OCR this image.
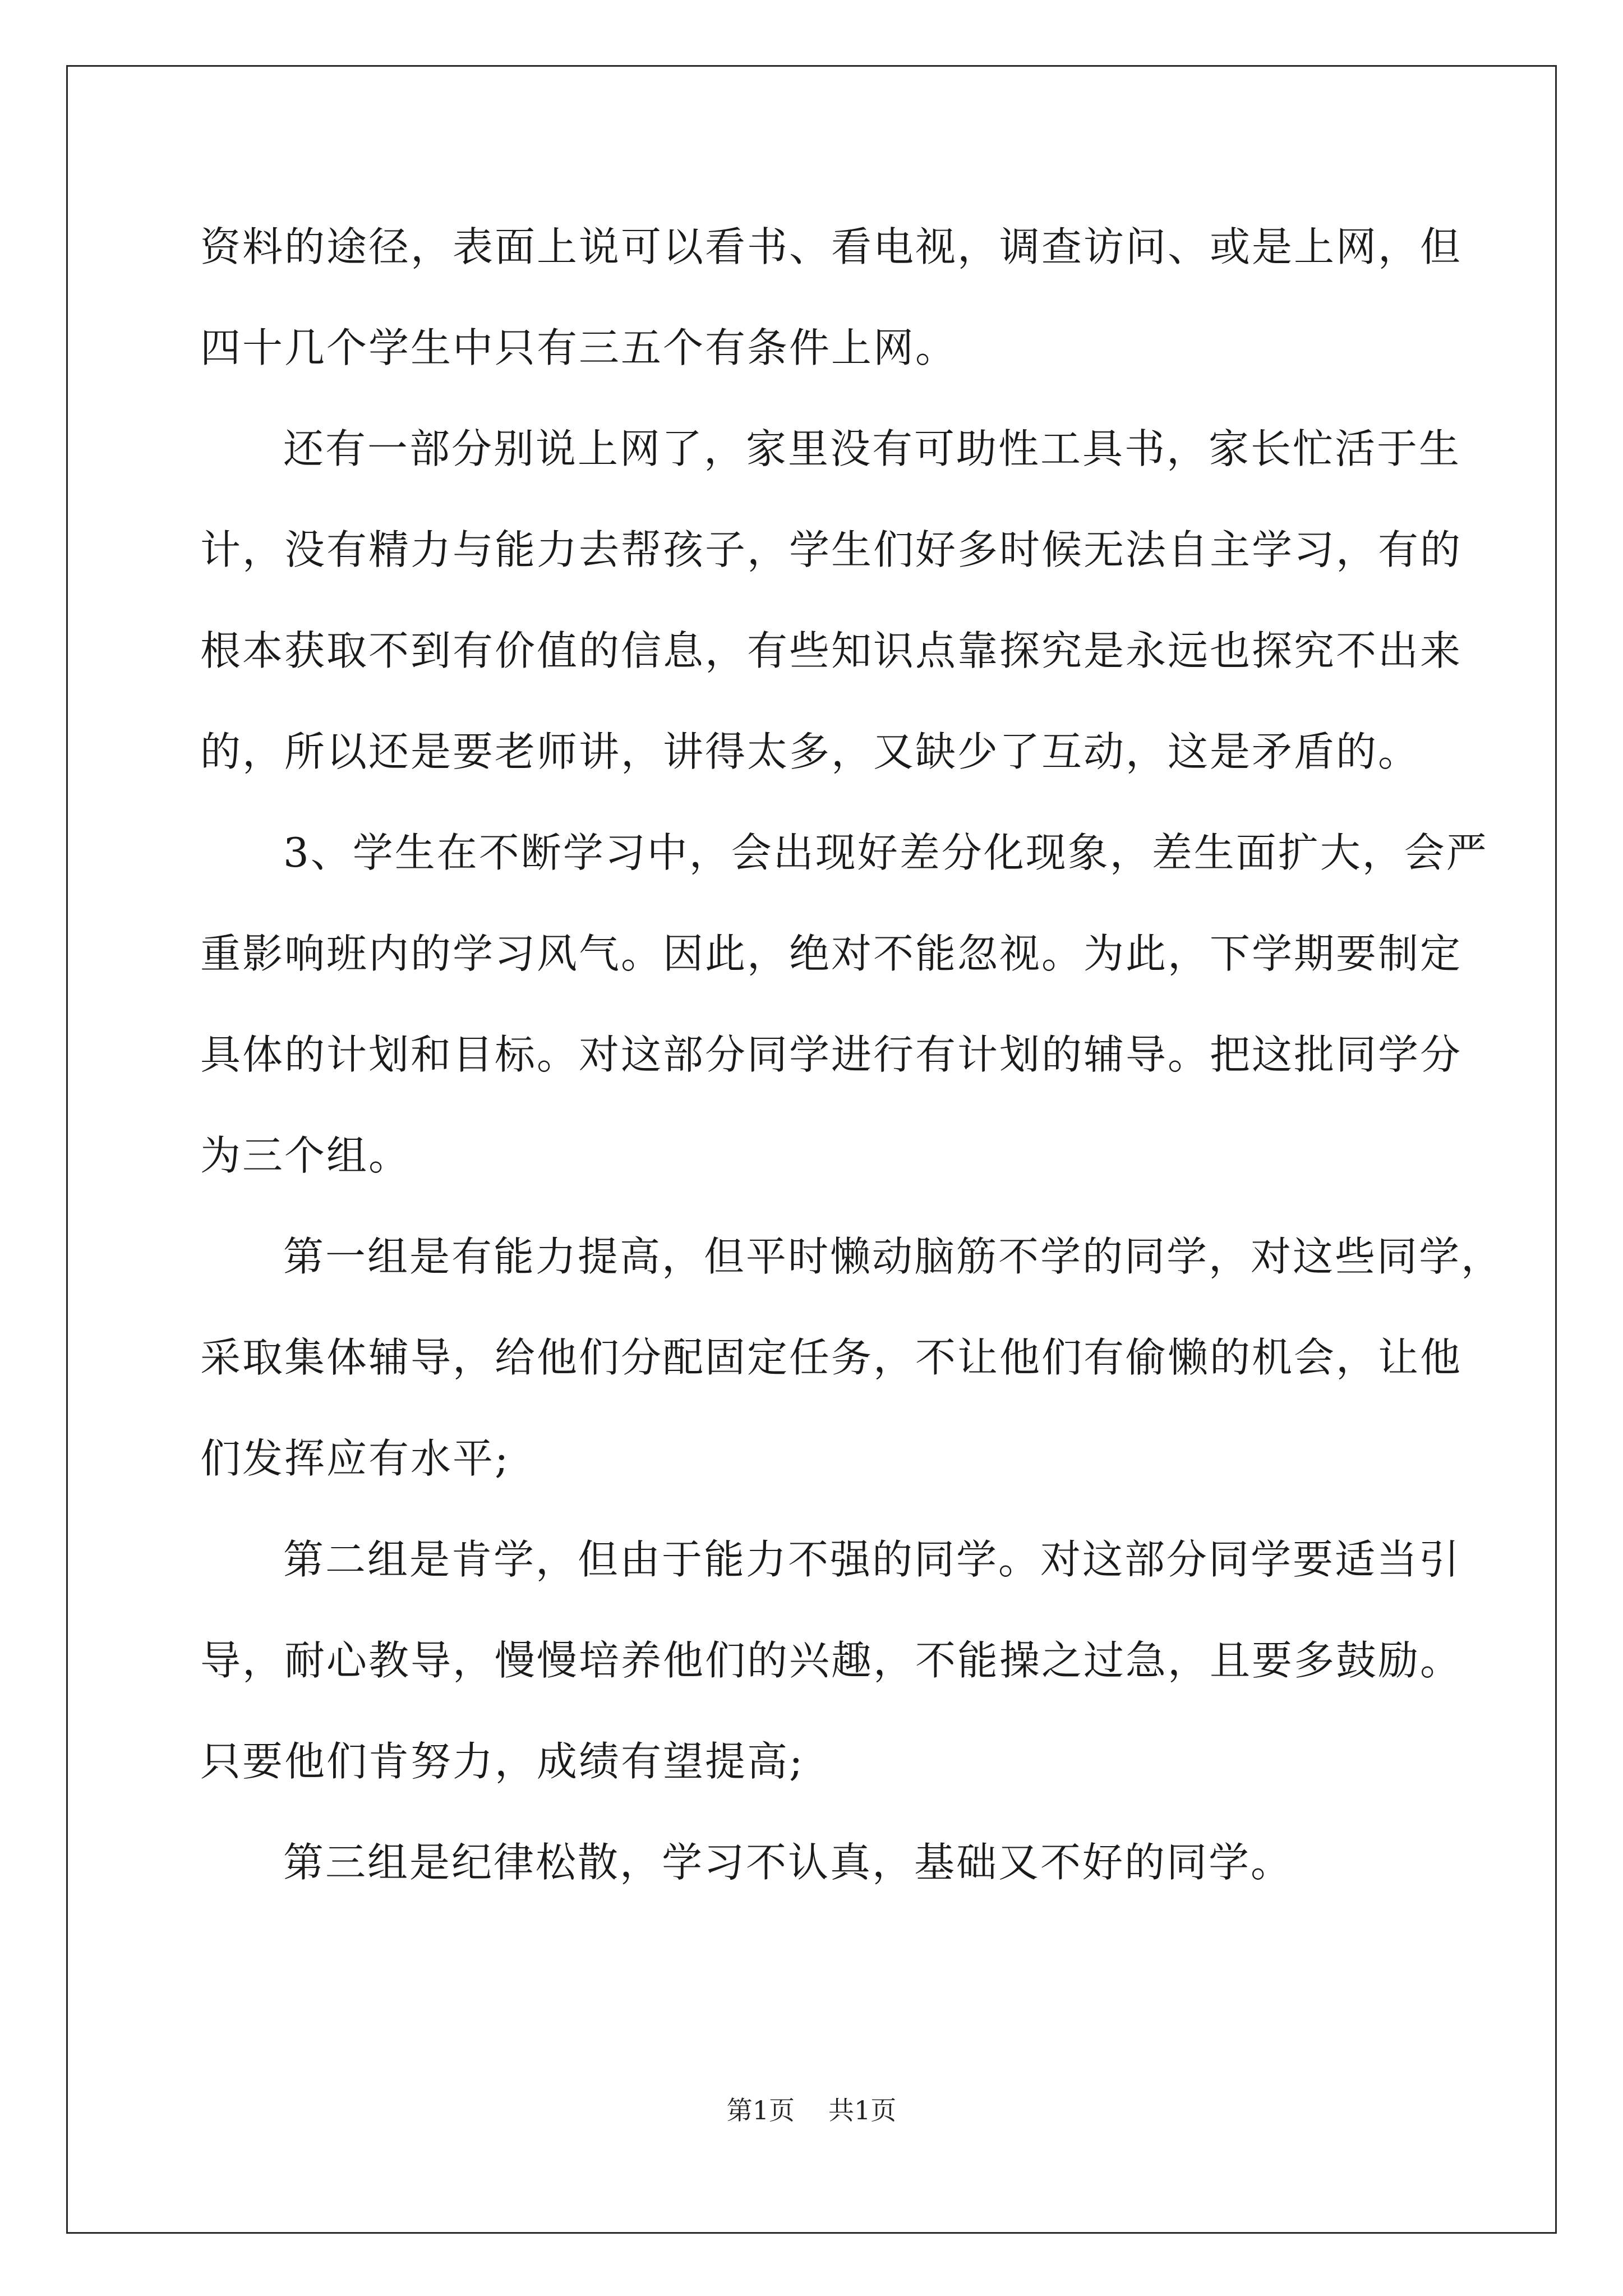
资料的途径，表面上说可以看书、看电视，调查访问、或是上网，但
四十几个学生中只有三五个有条件上网。
还有一部分别说上网了，家里没有可助性工具书，家长忙活于生
计，没有精力与能力去帮孩子，学生们好多时候无法自主学习，有的
根本获取不到有价值的信息，有些知识点靠探究是永远也探究不出来
的，所以还是要老师讲，讲得太多，又缺少了互动，这是矛盾的。
3、学生在不断学习中，会出现好差分化现象，差生面扩大，会严
重影响班内的学习风气。因此，绝对不能忽视。为此，下学期要制定
具体的计划和目标。对这部分同学进行有计划的辅导。把这批同学分
为三个组。
第一组是有能力提高，但平时懒动脑筋不学的同学，对这些同学，
采取集体辅导，给他们分配固定任务，不让他们有偷懒的机会，让他
们发挥应有水平;
第二组是肯学，但由于能力不强的同学。对这部分同学要适当引
导，耐心教导，慢慢培养他们的兴趣，不能操之过急，且要多鼓励。
只要他们肯努力，成绩有望提高;
第三组是纪律松散，学习不认真，基础又不好的同学。
第1页 共1页
